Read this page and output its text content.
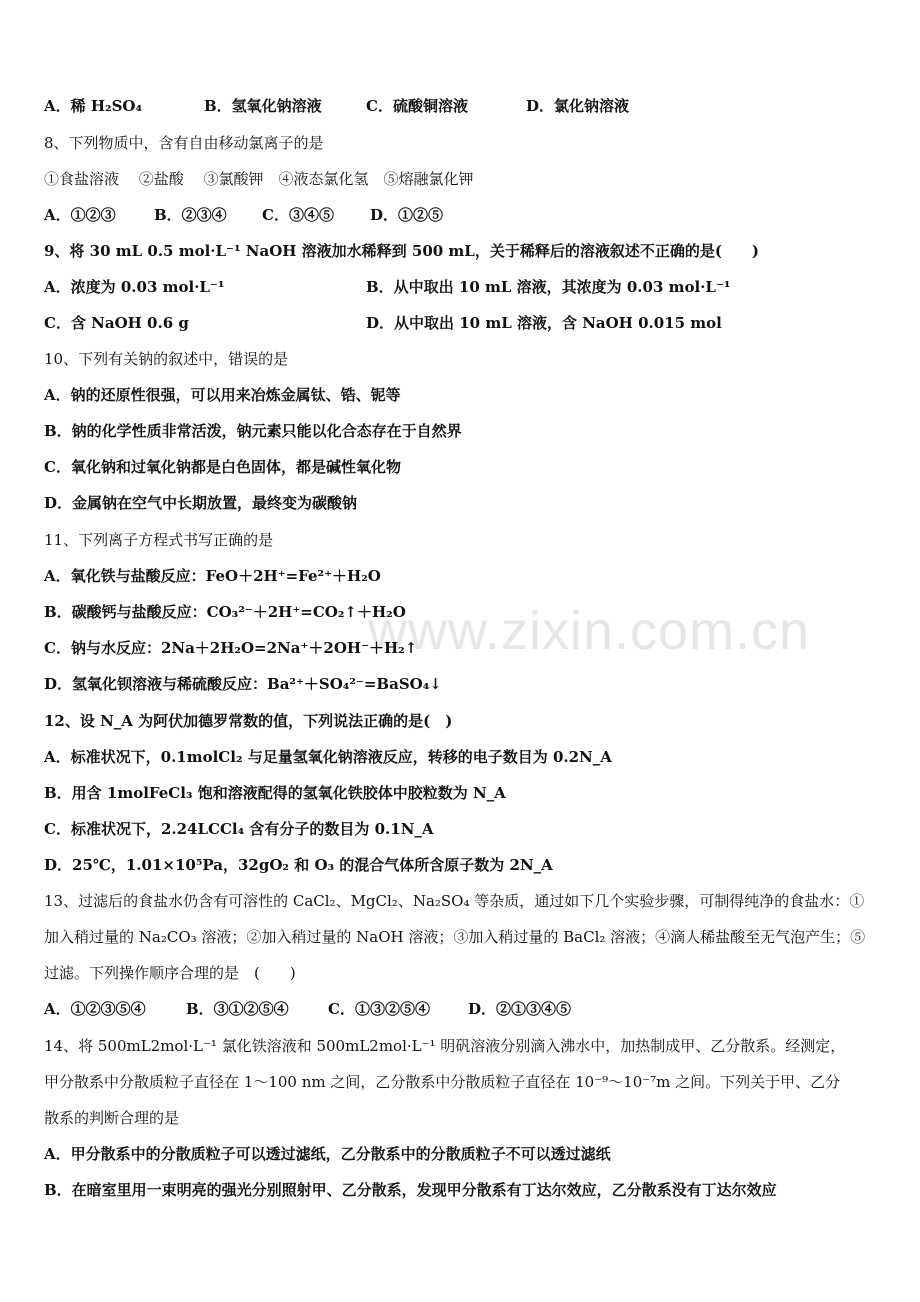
www.zixin.com.cn
A．稀 H₂SO₄	B．氢氧化钠溶液	C．硫酸铜溶液	D．氯化钠溶液
8、下列物质中，含有自由移动氯离子的是
①食盐溶液　 ②盐酸　 ③氯酸钾　④液态氯化氢　⑤熔融氯化钾
A．①②③	B．②③④ C．③④⑤ D．①②⑤
9、将 30 mL 0.5 mol·L⁻¹ NaOH 溶液加水稀释到 500 mL，关于稀释后的溶液叙述不正确的是(　　)
A．浓度为 0.03 mol·L⁻¹	B．从中取出 10 mL 溶液，其浓度为 0.03 mol·L⁻¹
C．含 NaOH 0.6 g	D．从中取出 10 mL 溶液，含 NaOH 0.015 mol
10、下列有关钠的叙述中，错误的是
A．钠的还原性很强，可以用来冶炼金属钛、锆、铌等
B．钠的化学性质非常活泼，钠元素只能以化合态存在于自然界
C．氧化钠和过氧化钠都是白色固体，都是碱性氧化物
D．金属钠在空气中长期放置，最终变为碳酸钠
11、下列离子方程式书写正确的是
A．氧化铁与盐酸反应：FeO＋2H⁺=Fe²⁺＋H₂O
B．碳酸钙与盐酸反应：CO₃²⁻＋2H⁺=CO₂↑＋H₂O
C．钠与水反应：2Na＋2H₂O=2Na⁺＋2OH⁻＋H₂↑
D．氢氧化钡溶液与稀硫酸反应：Ba²⁺＋SO₄²⁻=BaSO₄↓
12、设 N_A 为阿伏加德罗常数的值，下列说法正确的是(　)
A．标准状况下，0.1molCl₂ 与足量氢氧化钠溶液反应，转移的电子数目为 0.2N_A
B．用含 1molFeCl₃ 饱和溶液配得的氢氧化铁胶体中胶粒数为 N_A
C．标准状况下，2.24LCCl₄ 含有分子的数目为 0.1N_A
D．25℃，1.01×10⁵Pa，32gO₂ 和 O₃ 的混合气体所含原子数为 2N_A
13、过滤后的食盐水仍含有可溶性的 CaCl₂、MgCl₂、Na₂SO₄ 等杂质，通过如下几个实验步骤，可制得纯净的食盐水：①
加入稍过量的 Na₂CO₃ 溶液；②加入稍过量的 NaOH 溶液；③加入稍过量的 BaCl₂ 溶液；④滴人稀盐酸至无气泡产生；⑤
过滤。下列操作顺序合理的是　(　　)
A．①②③⑤④	B．③①②⑤④	C．①③②⑤④	D．②①③④⑤
14、将 500mL2mol·L⁻¹ 氯化铁溶液和 500mL2mol·L⁻¹ 明矾溶液分别滴入沸水中，加热制成甲、乙分散系。经测定，
甲分散系中分散质粒子直径在 1～100 nm 之间，乙分散系中分散质粒子直径在 10⁻⁹～10⁻⁷m 之间。下列关于甲、乙分
散系的判断合理的是
A．甲分散系中的分散质粒子可以透过滤纸，乙分散系中的分散质粒子不可以透过滤纸
B．在暗室里用一束明亮的强光分别照射甲、乙分散系，发现甲分散系有丁达尔效应，乙分散系没有丁达尔效应
